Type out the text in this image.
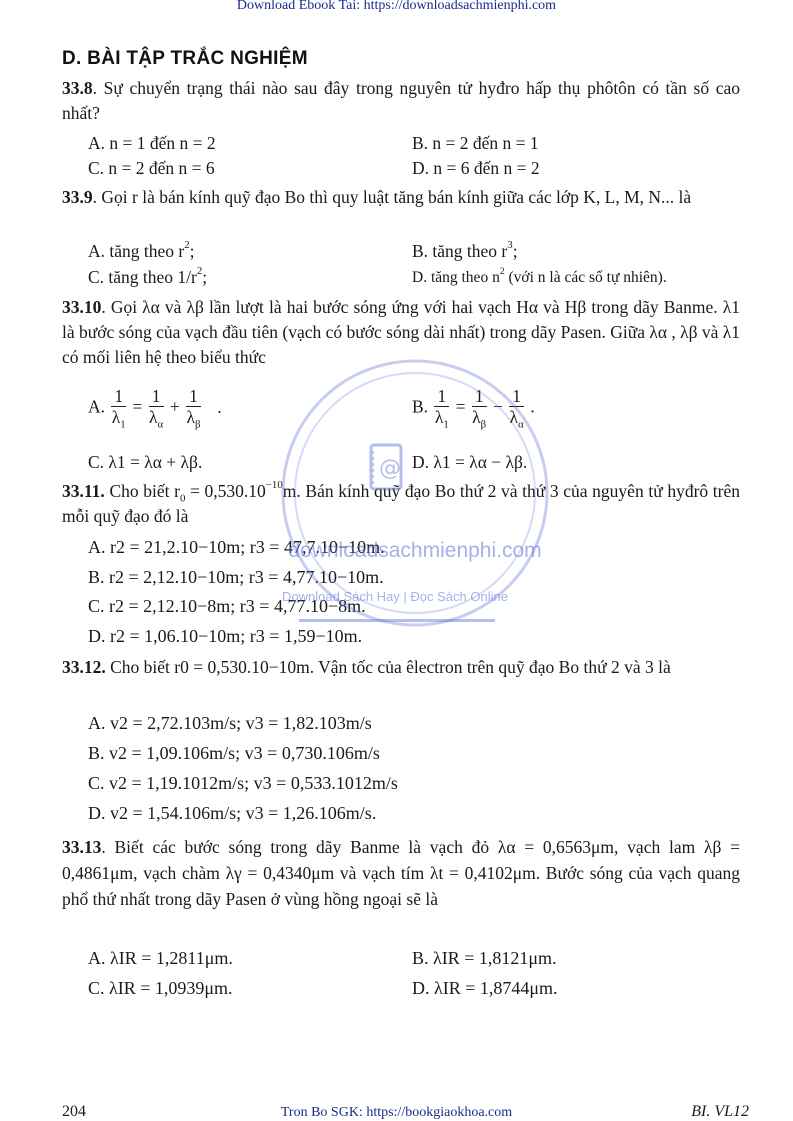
Download Ebook Tai: https://downloadsachmienphi.com
D. BÀI TẬP TRẮC NGHIỆM
33.8. Sự chuyển trạng thái nào sau đây trong nguyên tử hyđro hấp thụ phôtôn có tần số cao nhất?
A. n = 1 đến n = 2	B. n = 2 đến n = 1
C. n = 2 đến n = 6	D. n = 6 đến n = 2
33.9. Gọi r là bán kính quỹ đạo Bo thì quy luật tăng bán kính giữa các lớp K, L, M, N... là
A. tăng theo $r^2$;	B. tăng theo $r^3$;
C. tăng theo $1/r^2$;	D. tăng theo $n^2$ (với n là các số tự nhiên).
33.10. Gọi λα và λβ lần lượt là hai bước sóng ứng với hai vạch Hα và Hβ trong dãy Banme. λ1 là bước sóng của vạch đầu tiên (vạch có bước sóng dài nhất) trong dãy Pasen. Giữa λα , λβ và λ1 có mối liên hệ theo biểu thức
A. $\frac{1}{\lambda_1} = \frac{1}{\lambda_\alpha} + \frac{1}{\lambda_\beta}$ .	B. $\frac{1}{\lambda_1} = \frac{1}{\lambda_\beta} - \frac{1}{\lambda_\alpha}$ .
C. λ1 = λα + λβ.	D. λ1 = λα − λβ.
33.11. Cho biết $r_0 = 0,530.10^{-10}m$. Bán kính quỹ đạo Bo thứ 2 và thứ 3 của nguyên tử hyđrô trên mỗi quỹ đạo đó là
A. r2 = 21,2.10−10m; r3 = 47,7.10−10m.
B. r2 = 2,12.10−10m; r3 = 4,77.10−10m.
C. r2 = 2,12.10−8m; r3 = 4,77.10−8m.
D. r2 = 1,06.10−10m; r3 = 1,59−10m.
33.12. Cho biết r0 = 0,530.10−10m. Vận tốc của êlectron trên quỹ đạo Bo thứ 2 và 3 là
A. v2 = 2,72.103m/s; v3 = 1,82.103m/s
B. v2 = 1,09.106m/s; v3 = 0,730.106m/s
C. v2 = 1,19.1012m/s; v3 = 0,533.1012m/s
D. v2 = 1,54.106m/s; v3 = 1,26.106m/s.
33.13. Biết các bước sóng trong dãy Banme là vạch đỏ λα = 0,6563μm, vạch lam λβ = 0,4861μm, vạch chàm λγ = 0,4340μm và vạch tím λt = 0,4102μm. Bước sóng của vạch quang phổ thứ nhất trong dãy Pasen ở vùng hồng ngoại sẽ là
A. λIR = 1,2811μm.	B. λIR = 1,8121μm.
C. λIR = 1,0939μm.	D. λIR = 1,8744μm.
@
downloadsachmienphi.com
Download Sách Hay | Đọc Sách Online
204	Tron Bo SGK: https://bookgiaokhoa.com	BI. VL12
